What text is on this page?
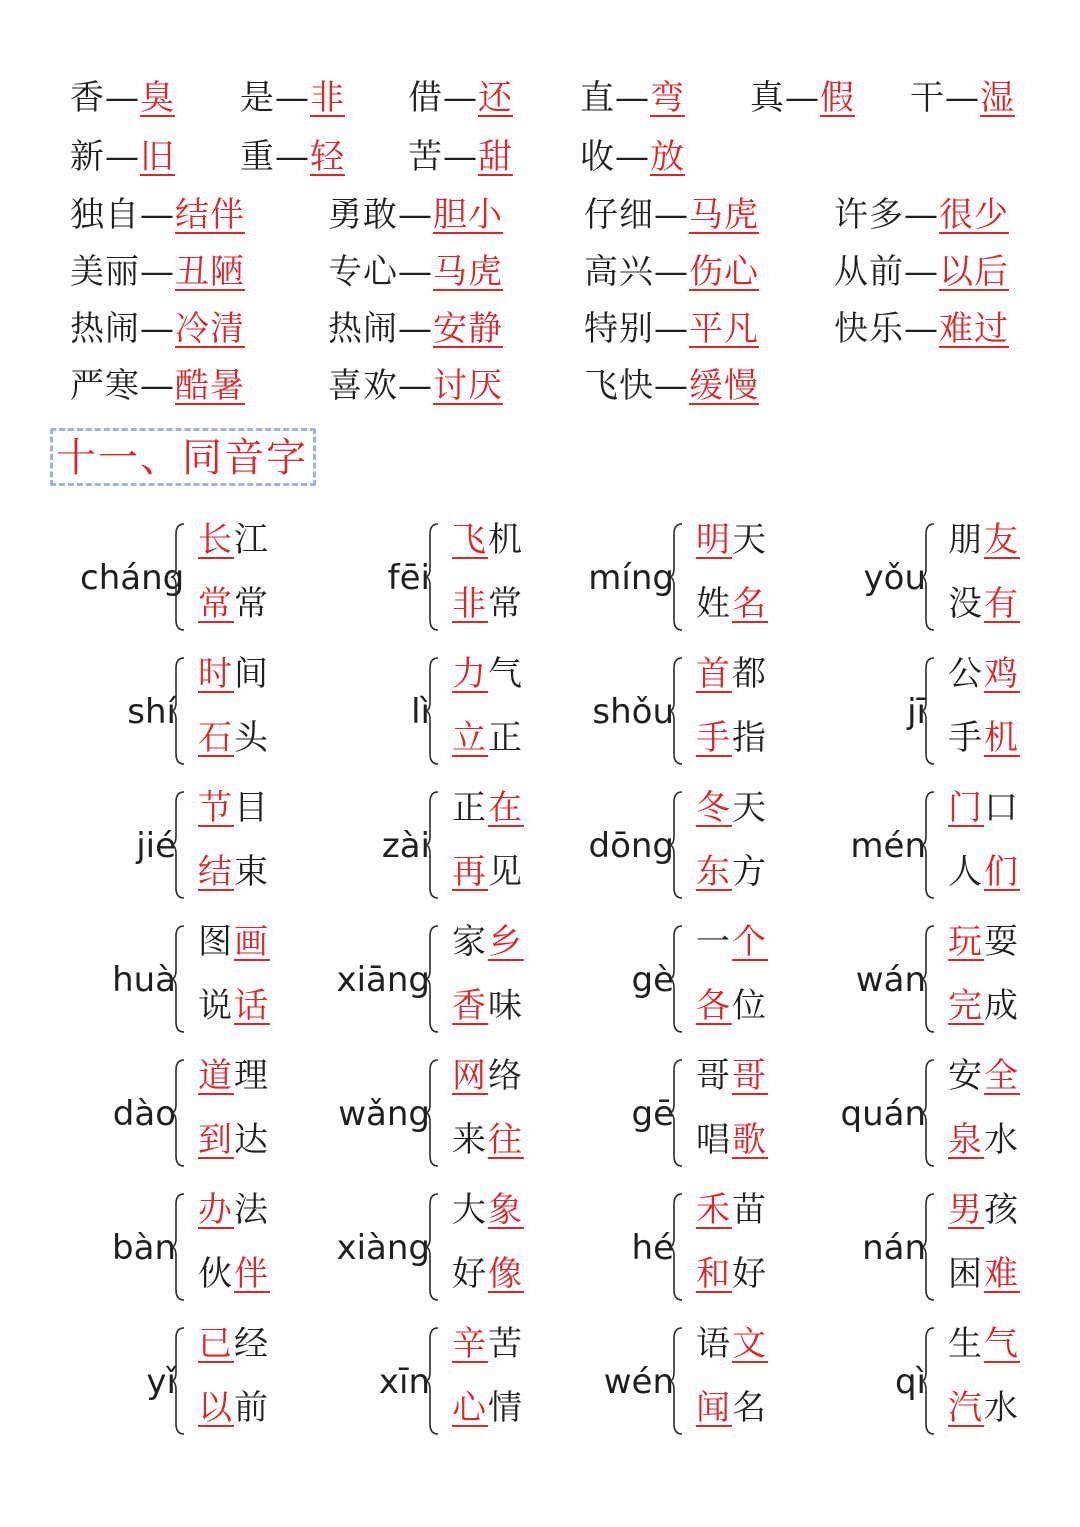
香—臭 是—非 借—还 直—弯 真—假 干—湿
新—旧 重—轻 苦—甜 收—放
独自—结伴 勇敢—胆小 仔细—马虎 许多—很少
美丽—丑陋 专心—马虎 高兴—伤心 从前—以后
热闹—冷清 热闹—安静 特别—平凡 快乐—难过
严寒—酷暑 喜欢—讨厌 飞快—缓慢
十一、同音字
cháng
长江
常常
fēi
飞机
非常
míng
明天
姓名
yǒu
朋友
没有
shí
时间
石头
lì
力气
立正
shǒu
首都
手指
jī
公鸡
手机
jié
节目
结束
zài
正在
再见
dōng
冬天
东方
mén
门口
人们
huà
图画
说话
xiāng
家乡
香味
gè
一个
各位
wán
玩耍
完成
dào
道理
到达
wǎng
网络
来往
gē
哥哥
唱歌
quán
安全
泉水
bàn
办法
伙伴
xiàng
大象
好像
hé
禾苗
和好
nán
男孩
困难
yǐ
已经
以前
xīn
辛苦
心情
wén
语文
闻名
qì
生气
汽水
